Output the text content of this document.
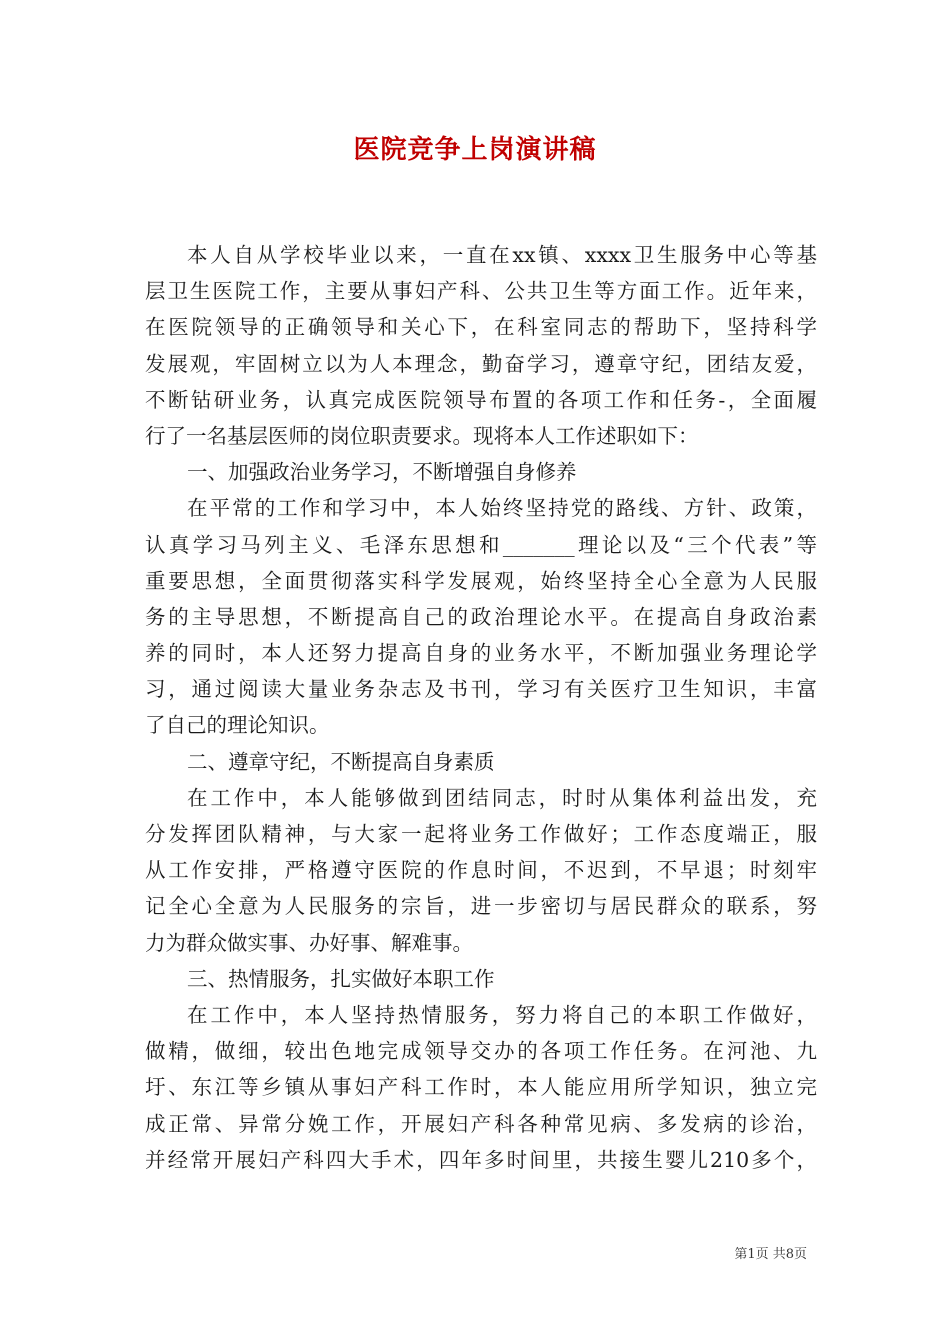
医院竞争上岗演讲稿
本人自从学校毕业以来，一直在xx镇、xxxx卫生服务中心等基
层卫生医院工作，主要从事妇产科、公共卫生等方面工作。近年来，
在医院领导的正确领导和关心下，在科室同志的帮助下，坚持科学
发展观，牢固树立以为人本理念，勤奋学习，遵章守纪，团结友爱，
不断钻研业务，认真完成医院领导布置的各项工作和任务-，全面履
行了一名基层医师的岗位职责要求。现将本人工作述职如下：
一、加强政治业务学习，不断增强自身修养
在平常的工作和学习中，本人始终坚持党的路线、方针、政策，
认真学习马列主义、毛泽东思想和_______理论以及“三个代表”等
重要思想，全面贯彻落实科学发展观，始终坚持全心全意为人民服
务的主导思想，不断提高自己的政治理论水平。在提高自身政治素
养的同时，本人还努力提高自身的业务水平，不断加强业务理论学
习，通过阅读大量业务杂志及书刊，学习有关医疗卫生知识，丰富
了自己的理论知识。
二、遵章守纪，不断提高自身素质
在工作中，本人能够做到团结同志，时时从集体利益出发，充
分发挥团队精神，与大家一起将业务工作做好；工作态度端正，服
从工作安排，严格遵守医院的作息时间，不迟到，不早退；时刻牢
记全心全意为人民服务的宗旨，进一步密切与居民群众的联系，努
力为群众做实事、办好事、解难事。
三、热情服务，扎实做好本职工作
在工作中，本人坚持热情服务，努力将自己的本职工作做好，
做精，做细，较出色地完成领导交办的各项工作任务。在河池、九
圩、东江等乡镇从事妇产科工作时，本人能应用所学知识，独立完
成正常、异常分娩工作，开展妇产科各种常见病、多发病的诊治，
并经常开展妇产科四大手术，四年多时间里，共接生婴儿210多个，
第1页 共8页
